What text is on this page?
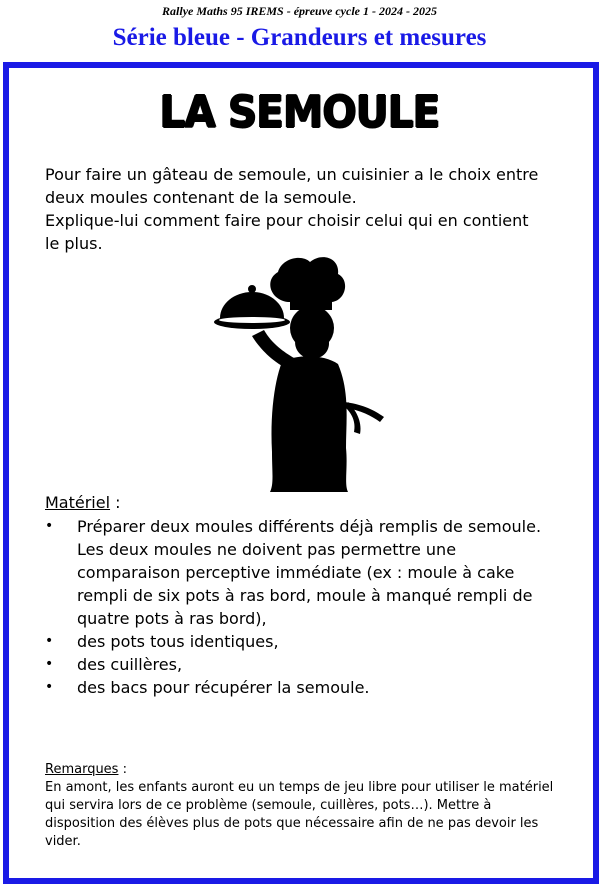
Rallye Maths 95 IREMS - épreuve cycle 1 - 2024 - 2025
Série bleue - Grandeurs et mesures
LA SEMOULE

Pour faire un gâteau de semoule, un cuisinier a le choix entre deux moules contenant de la semoule.

Explique-lui comment faire pour choisir celui qui en contient le plus.

Matériel :
• Préparer deux moules différents déjà remplis de semoule. Les deux moules ne doivent pas permettre une comparaison perceptive immédiate (ex : moule à cake rempli de six pots à ras bord, moule à manqué rempli de quatre pots à ras bord),
• des pots tous identiques,
• des cuillères,
• des bacs pour récupérer la semoule.

Remarques :

En amont, les enfants auront eu un temps de jeu libre pour utiliser le matériel qui servira lors de ce problème (semoule, cuillères, pots…). Mettre à disposition des élèves plus de pots que nécessaire afin de ne pas devoir les vider.
